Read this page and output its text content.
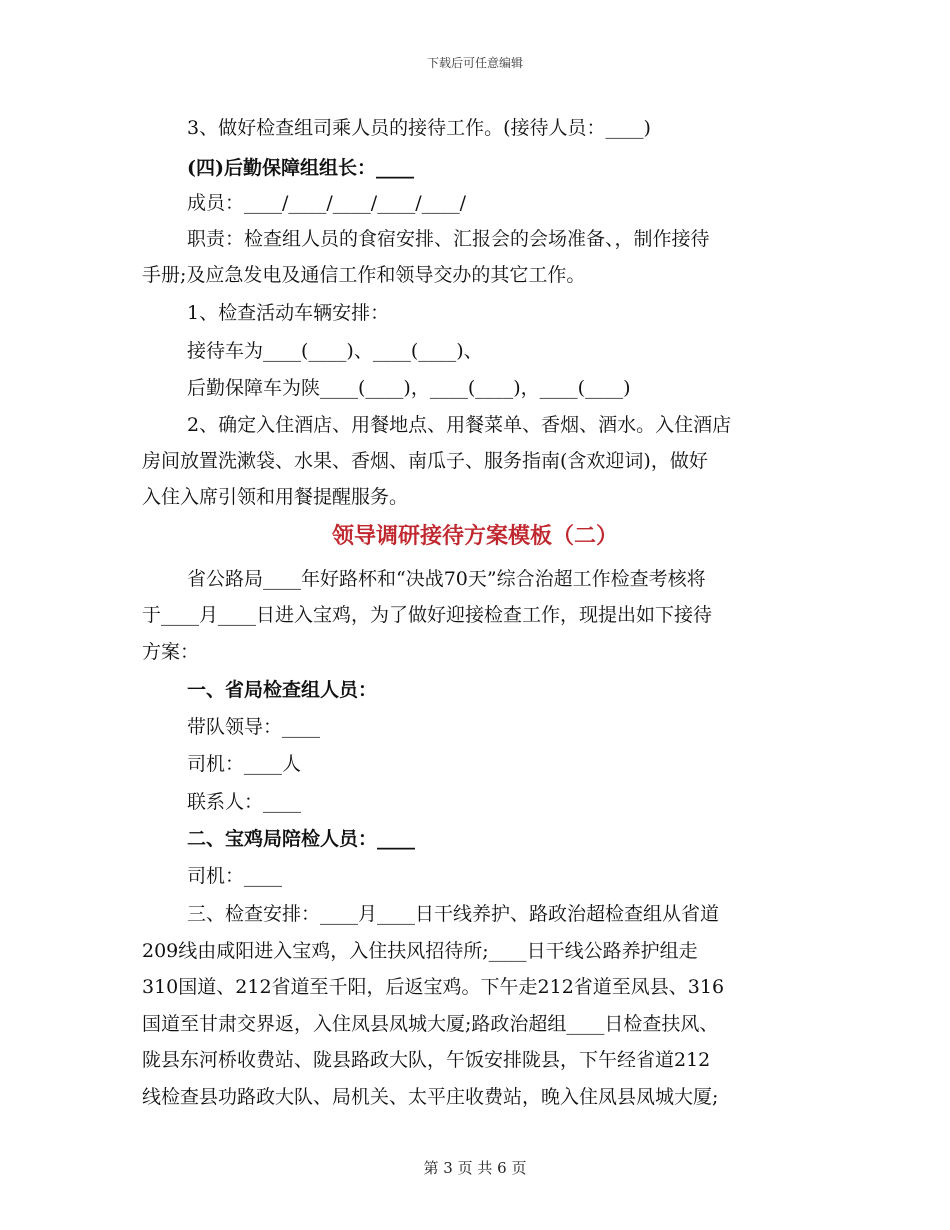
下载后可任意编辑
3、做好检查组司乘人员的接待工作。(接待人员：____)
(四)后勤保障组组长：____
成员：____/____/____/____/____/
职责：检查组人员的食宿安排、汇报会的会场准备、，制作接待
手册;及应急发电及通信工作和领导交办的其它工作。
1、检查活动车辆安排：
接待车为____(____)、____(____)、
后勤保障车为陕____(____)，____(____)，____(____)
2、确定入住酒店、用餐地点、用餐菜单、香烟、酒水。入住酒店
房间放置洗漱袋、水果、香烟、南瓜子、服务指南(含欢迎词)，做好
入住入席引领和用餐提醒服务。
领导调研接待方案模板（二）
省公路局____年好路杯和“决战70天”综合治超工作检查考核将
于____月____日进入宝鸡，为了做好迎接检查工作，现提出如下接待
方案：
一、省局检查组人员：
带队领导：____
司机：____人
联系人：____
二、宝鸡局陪检人员：____
司机：____
三、检查安排：____月____日干线养护、路政治超检查组从省道
209线由咸阳进入宝鸡，入住扶风招待所;____日干线公路养护组走
310国道、212省道至千阳，后返宝鸡。下午走212省道至凤县、316
国道至甘肃交界返，入住凤县凤城大厦;路政治超组____日检查扶风、
陇县东河桥收费站、陇县路政大队，午饭安排陇县，下午经省道212
线检查县功路政大队、局机关、太平庄收费站，晚入住凤县凤城大厦;
第 3 页 共 6 页
